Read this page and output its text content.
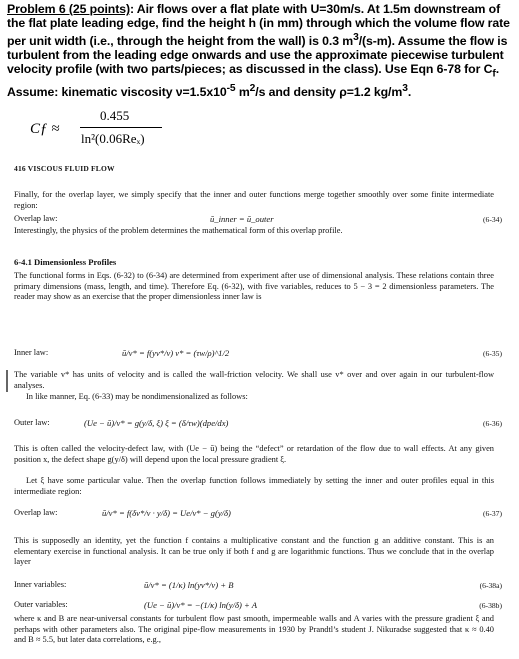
Problem 6 (25 points): Air flows over a flat plate with U=30m/s. At 1.5m downstream of the flat plate leading edge, find the height h (in mm) through which the volume flow rate per unit width (i.e., through the height from the wall) is 0.3 $m^3/(s-m)$. Assume the flow is turbulent from the leading edge onwards and use the approximate piecewise turbulent velocity profile (with two parts/pieces; as discussed in the class). Use Eqn 6-78 for $C_f$. Assume: kinematic viscosity $\nu=1.5x10^{-5}$ $m^2/s$ and density ρ=1.2 $kg/m^3$.
Cƒ ≈
0.455
ln²(0.06Reₓ)
416 VISCOUS FLUID FLOW
Finally, for the overlap layer, we simply specify that the inner and outer functions merge together smoothly over some finite intermediate region:
Overlap law:	ū_inner = ū_outer	(6-34)
Interestingly, the physics of the problem determines the mathematical form of this overlap profile.
6-4.1 Dimensionless Profiles
The functional forms in Eqs. (6-32) to (6-34) are determined from experiment after use of dimensional analysis. These relations contain three primary dimensions (mass, length, and time). Therefore Eq. (6-32), with five variables, reduces to 5 − 3 = 2 dimensionless parameters. The reader may show as an exercise that the proper dimensionless inner law is
Inner law:	ū/v* = f(yv*/ν) v* = (τw/ρ)^1/2	(6-35)
The variable v* has units of velocity and is called the wall-friction velocity. We shall use v* over and over again in our turbulent-flow analyses.
In like manner, Eq. (6-33) may be nondimensionalized as follows:
Outer law:	(Ue − ū)/v* = g(y/δ, ξ) ξ = (δ/τw)(dpe/dx)	(6-36)
This is often called the velocity-defect law, with (Ue − ū) being the “defect” or retardation of the flow due to wall effects. At any given position x, the defect shape g(y/δ) will depend upon the local pressure gradient ξ.
Let ξ have some particular value. Then the overlap function follows immediately by setting the inner and outer profiles equal in this intermediate region:
Overlap law:	ū/v* = f(δv*/ν · y/δ) = Ue/v* − g(y/δ)	(6-37)
This is supposedly an identity, yet the function f contains a multiplicative constant and the function g an additive constant. This is an elementary exercise in functional analysis. It can be true only if both f and g are logarithmic functions. Thus we conclude that in the overlap layer
Inner variables:	ū/v* = (1/κ) ln(yv*/ν) + B	(6-38a)
Outer variables:	(Ue − ū)/v* = −(1/κ) ln(y/δ) + A	(6-38b)
where κ and B are near-universal constants for turbulent flow past smooth, impermeable walls and A varies with the pressure gradient ξ and perhaps with other parameters also. The original pipe-flow measurements in 1930 by Prandtl’s student J. Nikuradse suggested that κ ≈ 0.40 and B ≈ 5.5, but later data correlations, e.g.,
